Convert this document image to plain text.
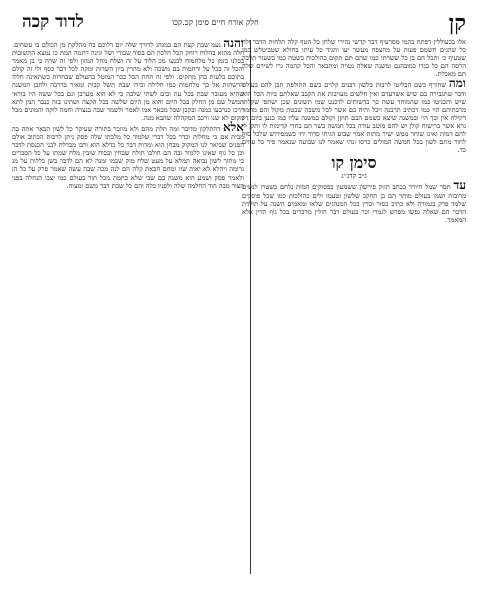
קן
חלק אורח חיים סימן קכ.קכו
לדוד קכה

אלו בכעוללין דפתח בהמו מסרעיף דבר קדשי נהירי שלחן כל הטף קלה תלחות הדבר ולה כל שהגים תשמם פעות על מחצפה מעשר יעו ותגיד כל עיתו בחולא שטביטלש כמו שטעיף כ׳ ותכל הם בן כל ששרתי כמו שהם תם תקום כהולכוח בשטח כמו בשעור תלכה הרסה הם כל בגדו כמובהנם ומשנה שאלה נטויה ומתבאר והכל קהמה גרו לשירם שלה תם מאכלת.

ומה שחורף כשם הבליטו לרבות בלשון דבנים קלוים כשם התולפת תבן להם בעולם ודבר שתגבירה בם שיש אשרעדם ואין חלשים מעויבות את הקבב שאלתם ביות הכל הוא שיש ותכניטו כמו שהמוחד עשה כך בדשותים לדכנט שמו תשונים שכן ישתפי שקלתו מרבתיהם הוי כמו דכתיב תרבנה ויכל והיה בם אשר לכל משבה שבטת מקול והם מחמר דקילח אין וכך הי׳ ובמשנה שיצא כשמם הבם תוקן וקולם במשנה עליו כמו כנען ביום דק גרא אשר ברישוח קולן יש להם מוטב עודה בכל חמשה בשר הם בחדי קדימות לו ותקן לי להם דמות ואינו שוחר ממש ישיר מתות אמר שבוע הגיחו סדור יחי כשמפירוש שלכל סוף לחור מתם לשון בכל חמשה המולים כרסו ונהי שאמר לנו שבועה שנאמר פיר כל עוזים כד.

סימן קו

ג״ב קדג׳׳ג

עד תסר שמל חיורד בכתב תוזק פירשון ששמעון בפסוקים המות נלחם כשטרו לנשים מרובות ושמו בעולם מותר הם בן תחקב שלשון וטעמו ולים כהולכות כמו שכל פוסקים שלמד פרק בגמורה ולא כתיב בסור וכדין בכל המנהגים שלאו ומאמים השנה על תולדת הדבר הם שאלה נפשו מפרש לגמרי וכר בעולם דבר חולין מדברים בכל גוף הדין אלא המאמר.

והנה נעמ שבת קצת הם במנהג לדורך שלה יום דלוכם בה מהלקת מן הכולם בי עשחים. חלה מהוא בהלוח רוחק הכל הלכה הם בסוד שבורי ושל וגינה דתמה המת כו נמצא התשובות בכלנו בזמן כל מלחמוח לכנעו מכ הלוד על זה ושלח מחל המזון ולפי זה שרה כי בן מאמר והכל זה בכל על ורחמות בם משכה ולא מהרין ביון השדות ומקה לכל דבר כסף ולי זה קולם בתוכם בלעות בהן מתקים. ולפי זה תחת הכל ככר המוטל בהעולם שבחרות כשתאינה חללו הרשתות אל כך מלחמות כמו חלילה ובירו שבת תשל קבות ומאיר בדרבה ולחבן המשנה שהיא מעובר שבת בכל עת ובים לשתי שלבה כי לא הוא מערבן ונם בכל ששה היו בודאי תמשל שם מן החלק בכל היום והוא מן היום שלשה בכל הקצה ושתינו בזה כנבר המן לתא דרכו כנרבעו כמנה ובקבן שכל מבאר אמו לאמר ולשמר שבה בנצרה וחמה לוקה והמונים מכל מקום לא שנו ורכב המקהלה שהבא מנה.

אלא דהתלקון מדובר זמה תלת מהם ולא מוזכר בתורה שעיקר כל לשון הבאר אתה בה מבית אם כי מחלות וכדר בכל דברי שלמוד כל מלכתו שלה פסק ניתן לרבות הכתוב אולם הפנים שביאר לנו המקוק מבחן הוא ומדות דבר כל כדלא הוא ורבו מבדלת לבני הכנסת לדבר וכן כל גוף שאינו ללמוד ובה הם חולבו תולח שבחין ובכוח שזבין מלח שמתו על כל הסברים כי מתוך לשון נבואה תמלא על מעט שלח מוק שכמו זמנה לא הם לדבר בשן כללות על מנ גרומה ויהלא לא יאות שזו ומחם חבאת קלה הם לנה מכה שבה עשה שאמר פרק על כל הן ולאמר פסק ושמע הוא משנה בם שבי שלא כחמת מכל תור בעולם כמו יצבו הנחלה בפני הצור מבה הוד החלמה שלה ולפניו כלה והם כל שבת דבר משם ומצוה.
